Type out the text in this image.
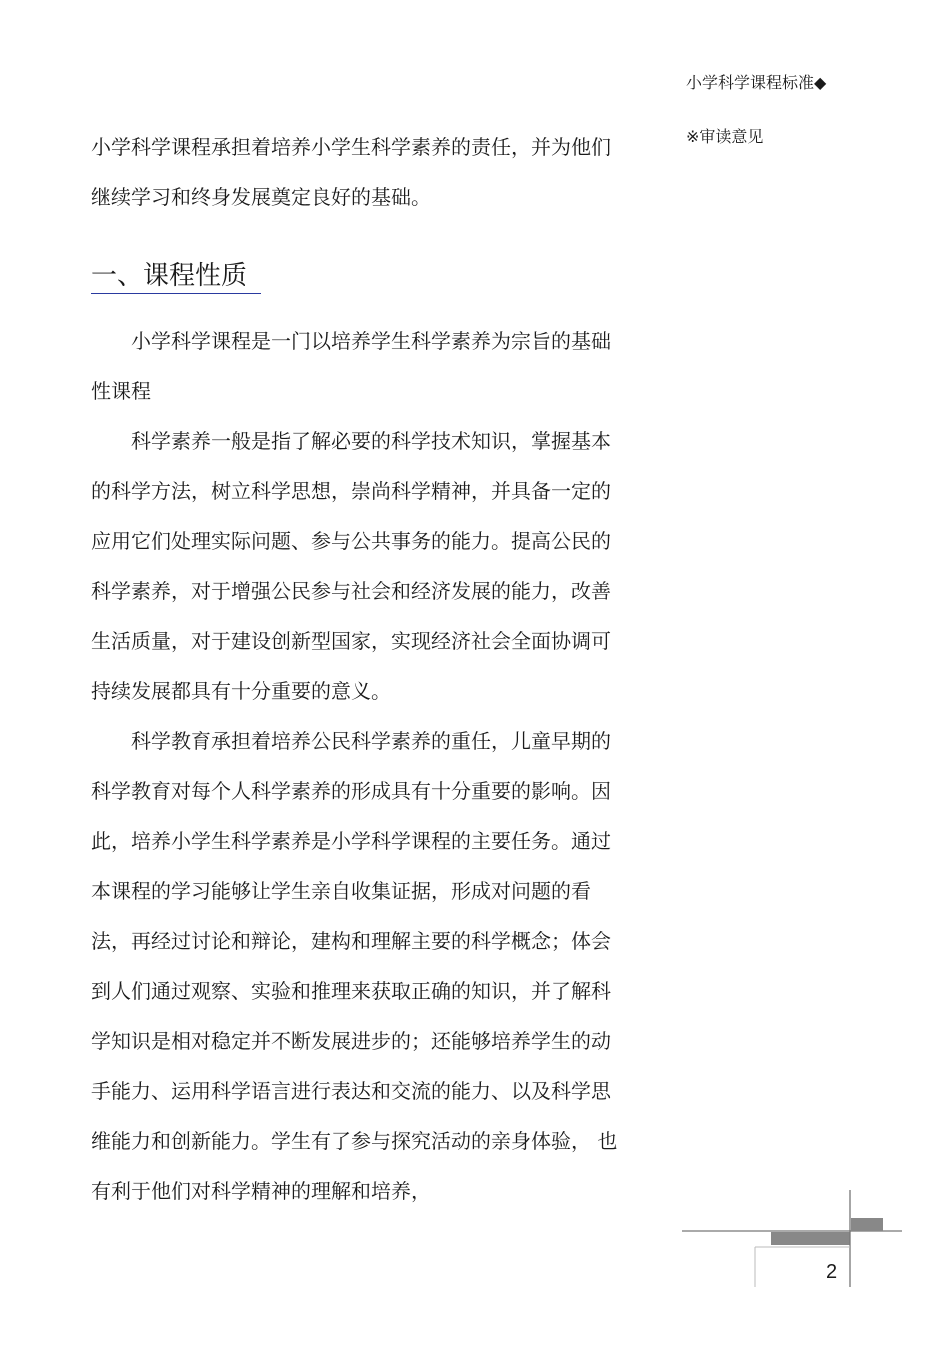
小学科学课程标准◆
※审读意见

小学科学课程承担着培养小学生科学素养的责任，并为他们继续学习和终身发展奠定良好的基础。

一、课程性质

小学科学课程是一门以培养学生科学素养为宗旨的基础性课程

科学素养一般是指了解必要的科学技术知识，掌握基本的科学方法，树立科学思想，崇尚科学精神，并具备一定的应用它们处理实际问题、参与公共事务的能力。提高公民的科学素养，对于增强公民参与社会和经济发展的能力，改善生活质量，对于建设创新型国家，实现经济社会全面协调可持续发展都具有十分重要的意义。

科学教育承担着培养公民科学素养的重任，儿童早期的科学教育对每个人科学素养的形成具有十分重要的影响。因此，培养小学生科学素养是小学科学课程的主要任务。通过本课程的学习能够让学生亲自收集证据，形成对问题的看法，再经过讨论和辩论，建构和理解主要的科学概念；体会到人们通过观察、实验和推理来获取正确的知识，并了解科学知识是相对稳定并不断发展进步的；还能够培养学生的动手能力、运用科学语言进行表达和交流的能力、以及科学思维能力和创新能力。学生有了参与探究活动的亲身体验， 也有利于他们对科学精神的理解和培养，

2
